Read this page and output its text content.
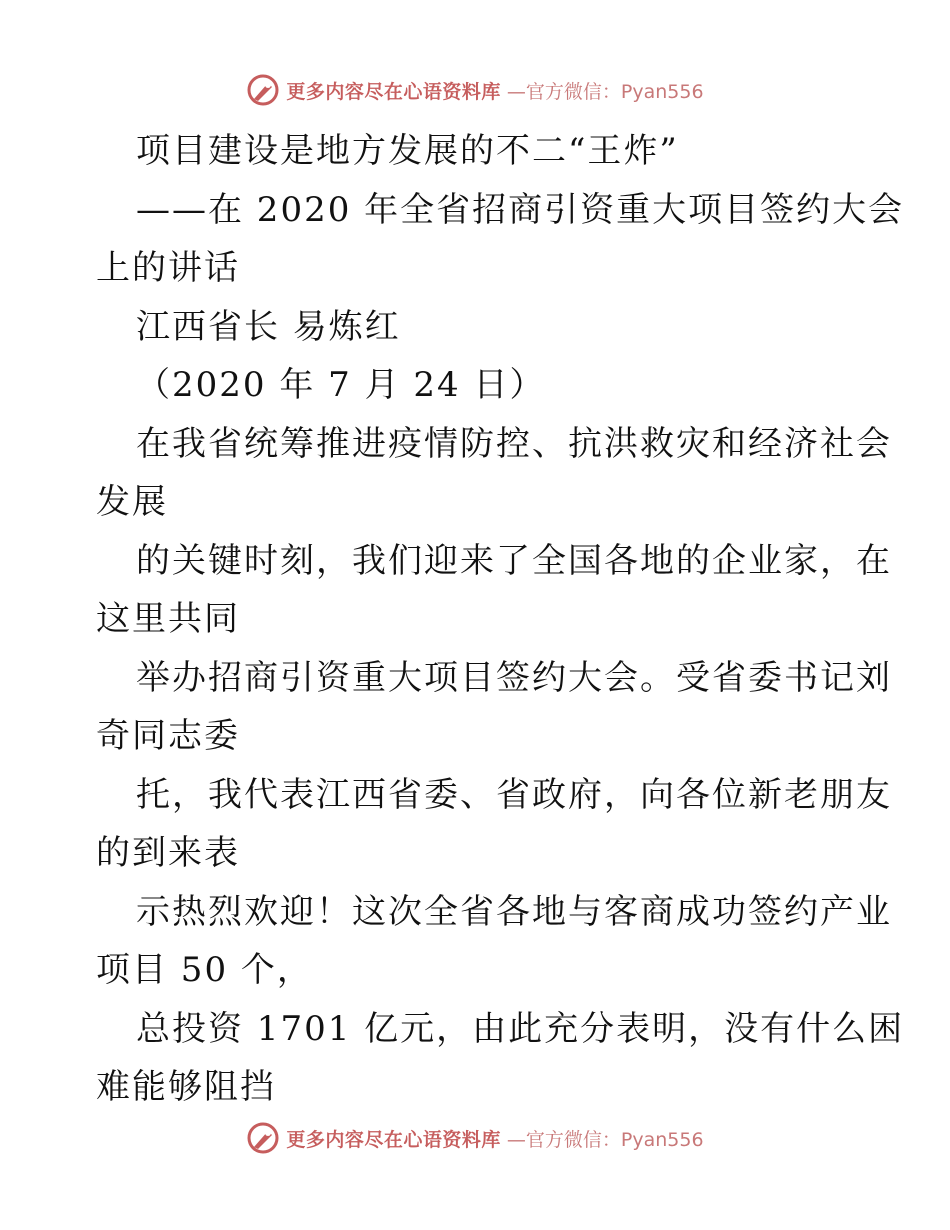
更多内容尽在心语资料库 —官方微信：Pyan556
项目建设是地方发展的不二“王炸”
——在 2020 年全省招商引资重大项目签约大会
上的讲话
江西省长 易炼红
（2020 年 7 月 24 日）
在我省统筹推进疫情防控、抗洪救灾和经济社会
发展
的关键时刻，我们迎来了全国各地的企业家，在
这里共同
举办招商引资重大项目签约大会。受省委书记刘
奇同志委
托，我代表江西省委、省政府，向各位新老朋友
的到来表
示热烈欢迎！这次全省各地与客商成功签约产业
项目 50 个，
总投资 1701 亿元，由此充分表明，没有什么困
难能够阻挡
更多内容尽在心语资料库 —官方微信：Pyan556
